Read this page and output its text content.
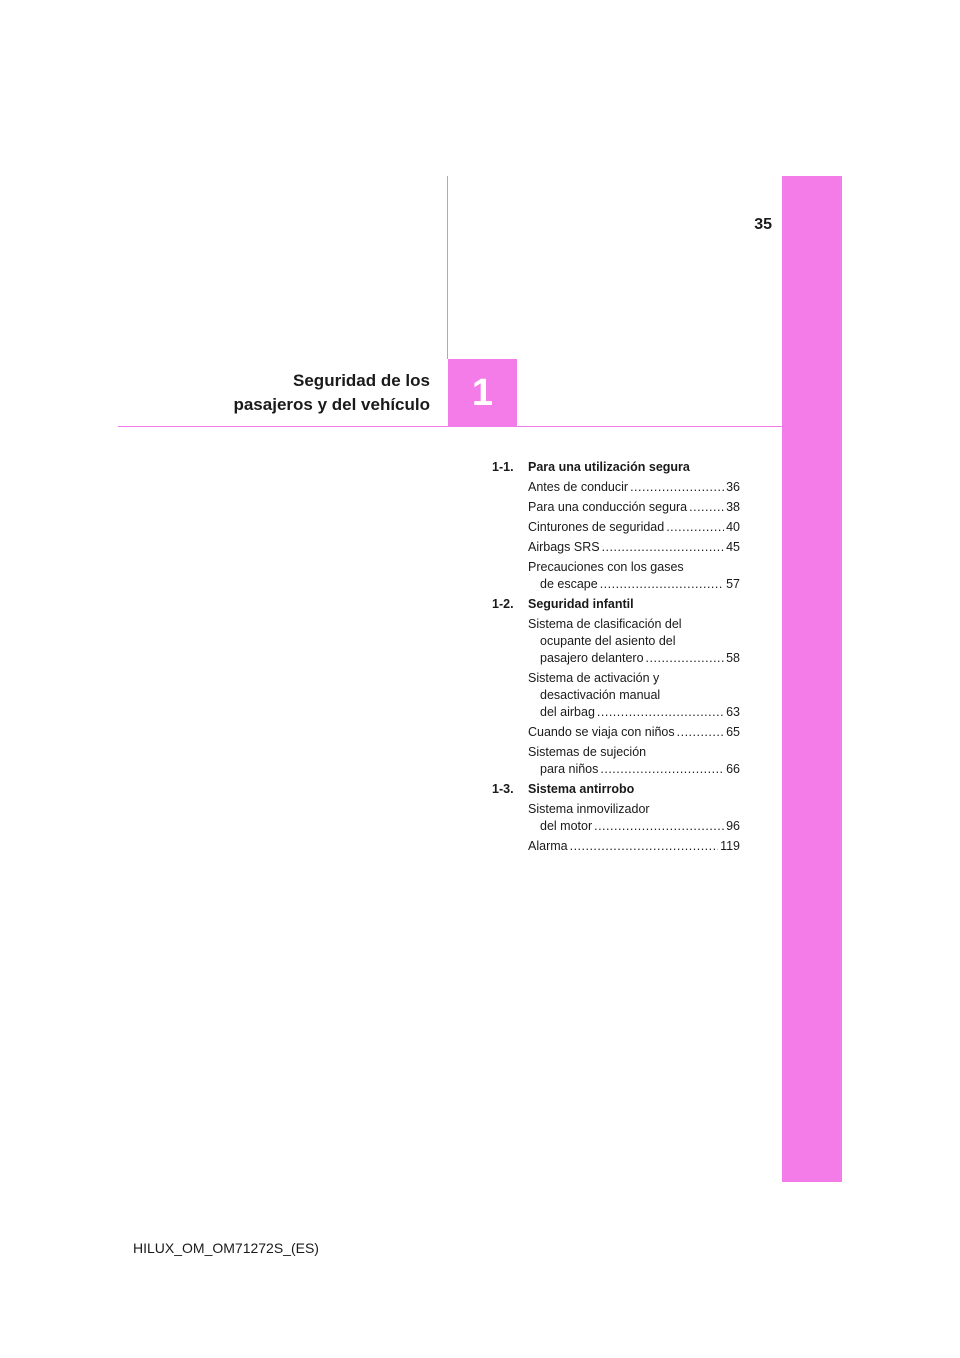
35
1
Seguridad de los
pasajeros y del vehículo
1-1.	Para una utilización segura
Antes de conducir .....	36
Para una conducción segura .....	38
Cinturones de seguridad .....	40
Airbags SRS .....	45
Precauciones con los gases
de escape .....	57
1-2.	Seguridad infantil
Sistema de clasificación del
ocupante del asiento del
pasajero delantero .....	58
Sistema de activación y
desactivación manual
del airbag .....	63
Cuando se viaja con niños .....	65
Sistemas de sujeción
para niños .....	66
1-3.	Sistema antirrobo
Sistema inmovilizador
del motor .....	96
Alarma .....	119
HILUX_OM_OM71272S_(ES)
